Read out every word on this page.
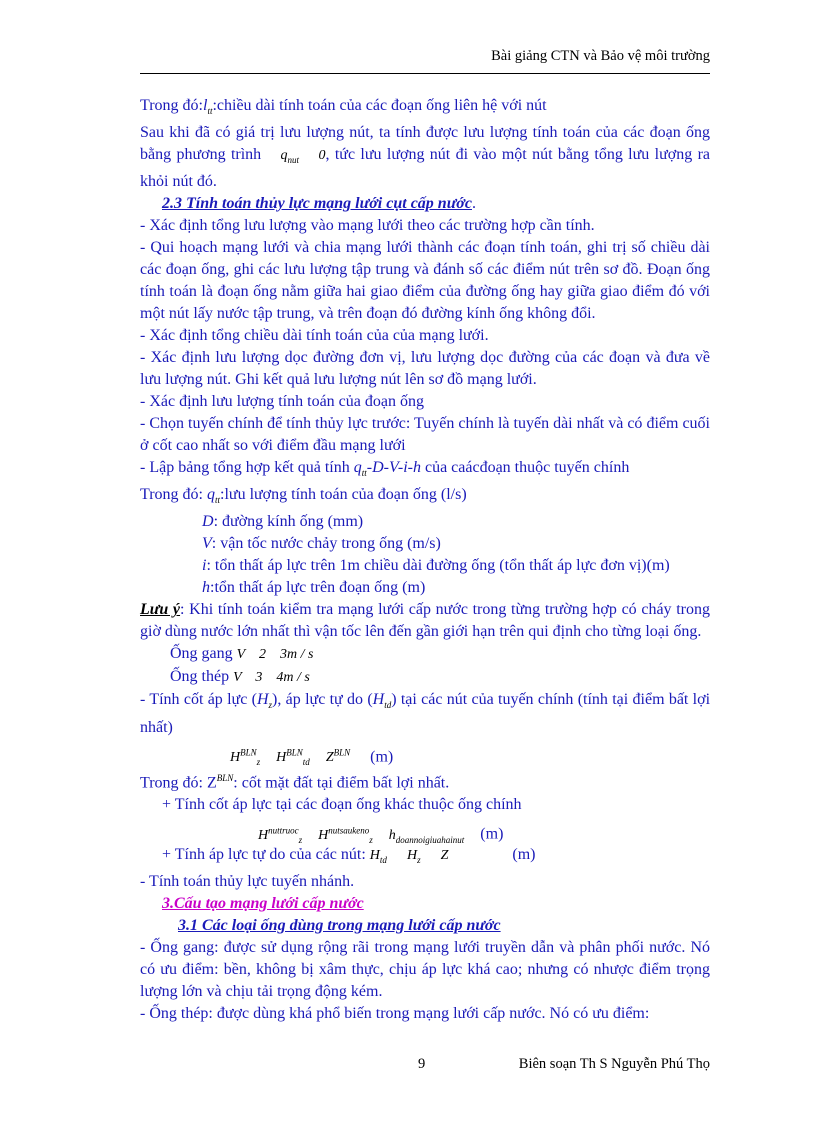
Bài giảng CTN và Bảo vệ môi trường

Trong $đó:l_{tt}:chiều$ dài tính toán của các đoạn ống liên hệ với nút

Sau khi đã có giá trị lưu lượng nút, ta tính được lưu lượng tính toán của các đoạn ống bằng phương trình $q_{nut}$ 0, tức lưu lượng nút đi vào một nút bằng tổng lưu lượng ra khỏi nút đó.

2.3 Tính toán thủy lực mạng lưới cụt cấp nước.

- Xác định tổng lưu lượng vào mạng lưới theo các trường hợp cần tính.

- Qui hoạch mạng lưới và chia mạng lưới thành các đoạn tính toán, ghi trị số chiều dài các đoạn ống, ghi các lưu lượng tập trung và đánh số các điểm nút trên sơ đồ. Đoạn ống tính toán là đoạn ống nằm giữa hai giao điểm của đường ống hay giữa giao điểm đó với một nút lấy nước tập trung, và trên đoạn đó đường kính ống không đổi.

- Xác định tổng chiều dài tính toán của của mạng lưới.

- Xác định lưu lượng dọc đường đơn vị, lưu lượng dọc đường của các đoạn và đưa về lưu lượng nút. Ghi kết quả lưu lượng nút lên sơ đồ mạng lưới.

- Xác định lưu lượng tính toán của đoạn ống

- Chọn tuyến chính để tính thủy lực trước: Tuyến chính là tuyến dài nhất và có điểm cuối ở cốt cao nhất so với điểm đầu mạng lưới

- Lập bảng tổng hợp kết quả tính $q_{tt}-D-V-i-h$ của caácđoạn thuộc tuyến chính

Trong đó: $q_{tt}:lưu$ lượng tính toán của đoạn ống (l/s)

D: đường kính ống (mm)

V: vận tốc nước chảy trong ống (m/s)

i: tổn thất áp lực trên 1m chiều dài đường ống (tổn thất áp lực đơn vị)(m)

h:tổn thất áp lực trên đoạn ống (m)

Lưu ý: Khi tính toán kiểm tra mạng lưới cấp nước trong từng trường hợp có cháy trong giờ dùng nước lớn nhất thì vận tốc lên đến gần giới hạn trên qui định cho từng loại ống.

Ống gang V    2    3m / s

Ống thép V    3    4m / s

- Tính cốt áp lực $(H_z)$, áp lực tự do $(H_{td})$ tại các nút của tuyến chính (tính tại điểm bất lợi nhất)

$H^{BLN}_z$ $H^{BLN}_{td}$ $Z^{BLN}$ (m)

Trong đó: $Z^{BLN}$: cốt mặt đất tại điểm bất lợi nhất.

+ Tính cốt áp lực tại các đoạn ống khác thuộc ống chính

$H^{nuttruoc}_z$ $H^{nutsaukeno}_z$ $h_{doannoigiuahainut}$ (m)

+ Tính áp lực tự do của các nút: $H_{td}$ $H_z$ Z	(m)

- Tính toán thủy lực tuyến nhánh.

3.Cấu tạo mạng lưới cấp nước

3.1 Các loại ống dùng trong mạng lưới cấp nước

- Ống gang: được sử dụng rộng rãi trong mạng lưới truyền dẫn và phân phối nước. Nó có ưu điểm: bền, không bị xâm thực, chịu áp lực khá cao; nhưng có nhược điểm trọng lượng lớn và chịu tải trọng động kém.

- Ống thép: được dùng khá phổ biến trong mạng lưới cấp nước. Nó có ưu điểm:

9	Biên soạn Th S Nguyễn Phú Thọ
